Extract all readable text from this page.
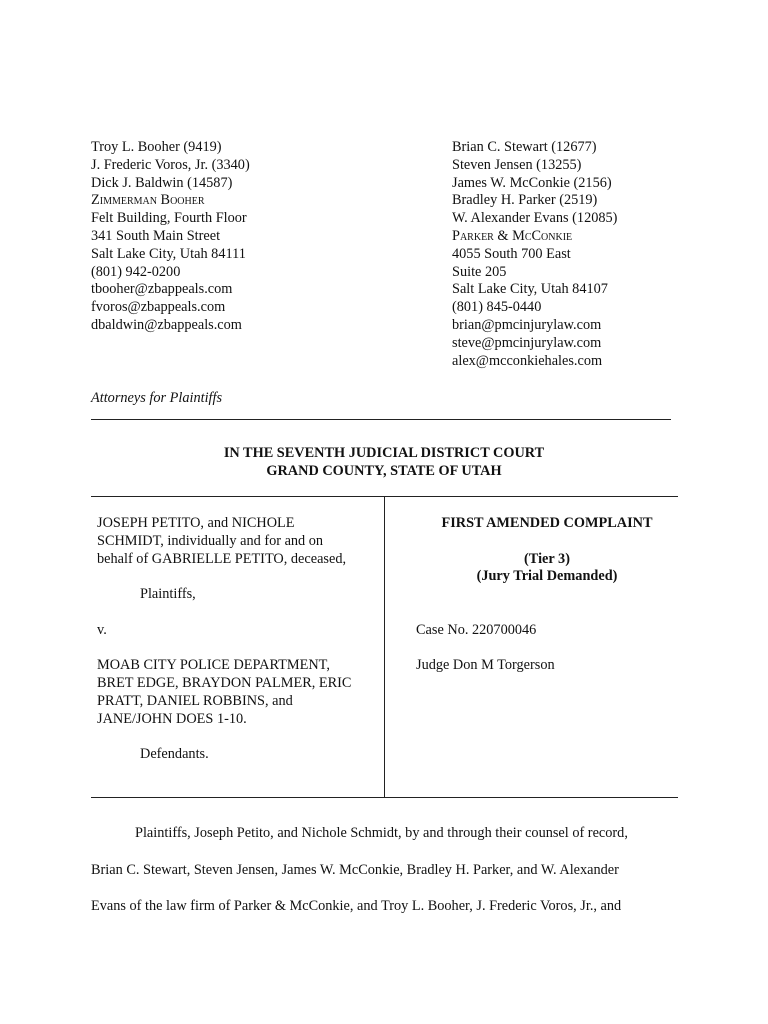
Troy L. Booher (9419)
J. Frederic Voros, Jr. (3340)
Dick J. Baldwin (14587)
Zimmerman Booher
Felt Building, Fourth Floor
341 South Main Street
Salt Lake City, Utah 84111
(801) 942-0200
tbooher@zbappeals.com
fvoros@zbappeals.com
dbaldwin@zbappeals.com
Brian C. Stewart (12677)
Steven Jensen (13255)
James W. McConkie (2156)
Bradley H. Parker (2519)
W. Alexander Evans (12085)
Parker & McConkie
4055 South 700 East
Suite 205
Salt Lake City, Utah 84107
(801) 845-0440
brian@pmcinjurylaw.com
steve@pmcinjurylaw.com
alex@mcconkiehales.com
Attorneys for Plaintiffs
IN THE SEVENTH JUDICIAL DISTRICT COURT
GRAND COUNTY, STATE OF UTAH
JOSEPH PETITO, and NICHOLE
SCHMIDT, individually and for and on
behalf of GABRIELLE PETITO, deceased,
Plaintiffs,
v.
MOAB CITY POLICE DEPARTMENT,
BRET EDGE, BRAYDON PALMER, ERIC
PRATT, DANIEL ROBBINS, and
JANE/JOHN DOES 1-10.
Defendants.
FIRST AMENDED COMPLAINT
(Tier 3)
(Jury Trial Demanded)
Case No. 220700046
Judge Don M Torgerson
Plaintiffs, Joseph Petito, and Nichole Schmidt, by and through their counsel of record,
Brian C. Stewart, Steven Jensen, James W. McConkie, Bradley H. Parker, and W. Alexander
Evans of the law firm of Parker & McConkie, and Troy L. Booher, J. Frederic Voros, Jr., and
